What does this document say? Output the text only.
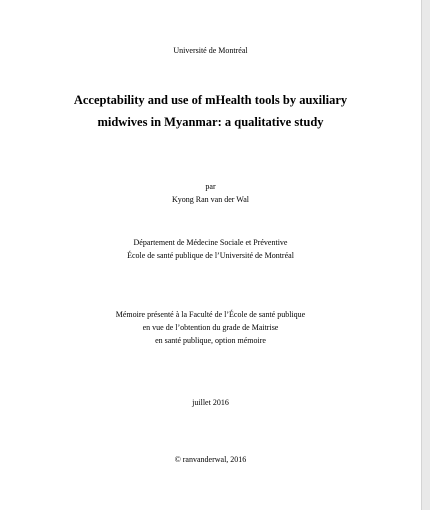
Université de Montréal
Acceptability and use of mHealth tools by auxiliary
midwives in Myanmar: a qualitative study
par
Kyong Ran van der Wal
Département de Médecine Sociale et Préventive
École de santé publique de l’Université de Montréal
Mémoire présenté à la Faculté de l’École de santé publique
en vue de l’obtention du grade de Maitrise
en santé publique, option mémoire
juillet 2016
© ranvanderwal, 2016
